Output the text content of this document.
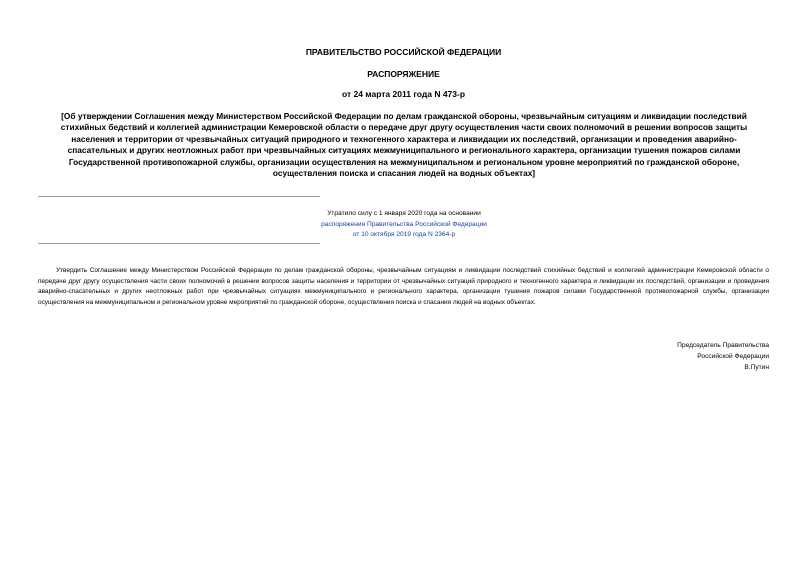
ПРАВИТЕЛЬСТВО РОССИЙСКОЙ ФЕДЕРАЦИИ
РАСПОРЯЖЕНИЕ
от 24 марта 2011 года N 473-р
[Об утверждении Соглашения между Министерством Российской Федерации по делам гражданской обороны, чрезвычайным ситуациям и ликвидации последствий стихийных бедствий и коллегией администрации Кемеровской области о передаче друг другу осуществления части своих полномочий в решении вопросов защиты населения и территории от чрезвычайных ситуаций природного и техногенного характера и ликвидации их последствий, организации и проведения аварийно-спасательных и других неотложных работ при чрезвычайных ситуациях межмуниципального и регионального характера, организации тушения пожаров силами Государственной противопожарной службы, организации осуществления на межмуниципальном и региональном уровне мероприятий по гражданской обороне, осуществления поиска и спасания людей на водных объектах]
Утратило силу с 1 января 2020 года на основании
распоряжения Правительства Российской Федерации
от 10 октября 2019 года N 2364-р
Утвердить Соглашение между Министерством Российской Федерации по делам гражданской обороны, чрезвычайным ситуациям и ликвидации последствий стихийных бедствий и коллегией администрации Кемеровской области о передаче друг другу осуществления части своих полномочий в решении вопросов защиты населения и территории от чрезвычайных ситуаций природного и техногенного характера и ликвидации их последствий, организации и проведения аварийно-спасательных и других неотложных работ при чрезвычайных ситуациях межмуниципального и регионального характера, организации тушения пожаров силами Государственной противопожарной службы, организации осуществления на межмуниципальном и региональном уровне мероприятий по гражданской обороне, осуществления поиска и спасания людей на водных объектах.
Председатель Правительства
Российской Федерации
В.Путин
